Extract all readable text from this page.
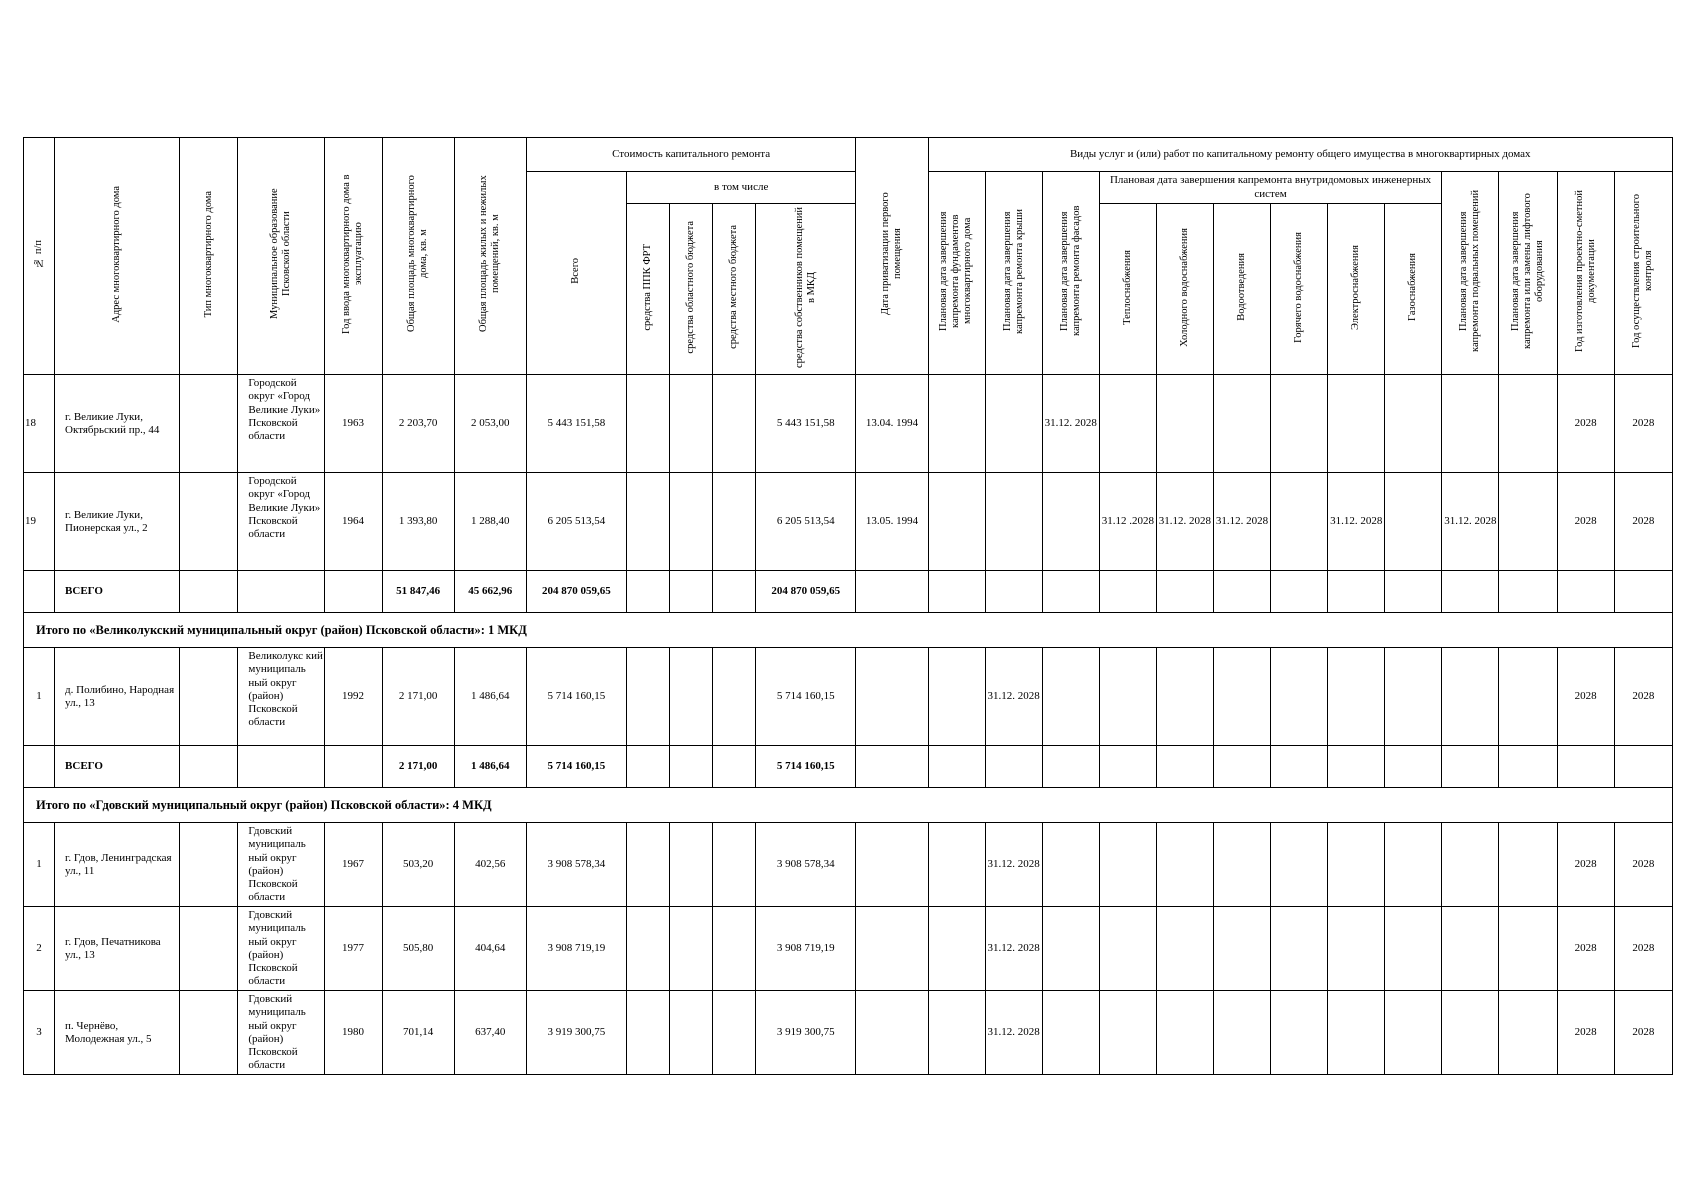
№ п/п	Адрес многоквартирного дома	Тип многоквартирного дома	Муниципальное образование Псковской области	Год ввода многоквартирного дома в эксплуатацию	Общая площадь многоквартирного дома, кв. м	Общая площадь жилых и нежилых помещений, кв. м	Стоимость капитального ремонта					Дата приватизации первого помещения	Виды услуг и (или) работ по капитальному ремонту общего имущества в многоквартирных домах												
							Всего	в том числе					Плановая дата завершения капремонта фундаментов многоквартирного дома	Плановая дата завершения капремонта ремонта крыши	Плановая дата завершения капремонта ремонта фасадов	Плановая дата завершения капремонта внутридомовых инженерных систем						Плановая дата завершения капремонта подвальных помещений	Плановая дата завершения капремонта или замены лифтового оборудования	Год изготовления проектно-сметной документации	Год осуществления строительного контроля
								средства ППК ФРТ	средства областного бюджета	средства местного бюджета	средства собственников помещений в МКД														
																Теплоснабжения	Холодного водоснабжения	Водоотведения	Горячего водоснабжения	Электроснабжения	Газоснабжения				
18	г. Великие Луки, Октябрьский пр., 44		Городской округ «Город Великие Луки» Псковской области	1963	2 203,70	2 053,00	5 443 151,58				5 443 151,58	13.04. 1994			31.12. 2028									2028	2028
19	г. Великие Луки, Пионерская ул., 2		Городской округ «Город Великие Луки» Псковской области	1964	1 393,80	1 288,40	6 205 513,54				6 205 513,54	13.05. 1994				31.12 .2028	31.12. 2028	31.12. 2028		31.12. 2028		31.12. 2028		2028	2028
	ВСЕГО				51 847,46	45 662,96	204 870 059,65				204 870 059,65														
Итого по «Великолукский муниципальный округ (район) Псковской области»: 1 МКД																									
1	д. Полибино, Народная ул., 13		Великолукс кий муниципаль ный округ (район) Псковской области	1992	2 171,00	1 486,64	5 714 160,15				5 714 160,15			31.12. 2028										2028	2028
	ВСЕГО				2 171,00	1 486,64	5 714 160,15				5 714 160,15														
Итого по «Гдовский муниципальный округ (район) Псковской области»: 4 МКД																									
1	г. Гдов, Ленинградская ул., 11		Гдовский муниципаль ный округ (район) Псковской области	1967	503,20	402,56	3 908 578,34				3 908 578,34			31.12. 2028										2028	2028
2	г. Гдов, Печатникова ул., 13		Гдовский муниципаль ный округ (район) Псковской области	1977	505,80	404,64	3 908 719,19				3 908 719,19			31.12. 2028										2028	2028
3	п. Чернёво, Молодежная ул., 5		Гдовский муниципаль ный округ (район) Псковской области	1980	701,14	637,40	3 919 300,75				3 919 300,75			31.12. 2028										2028	2028
